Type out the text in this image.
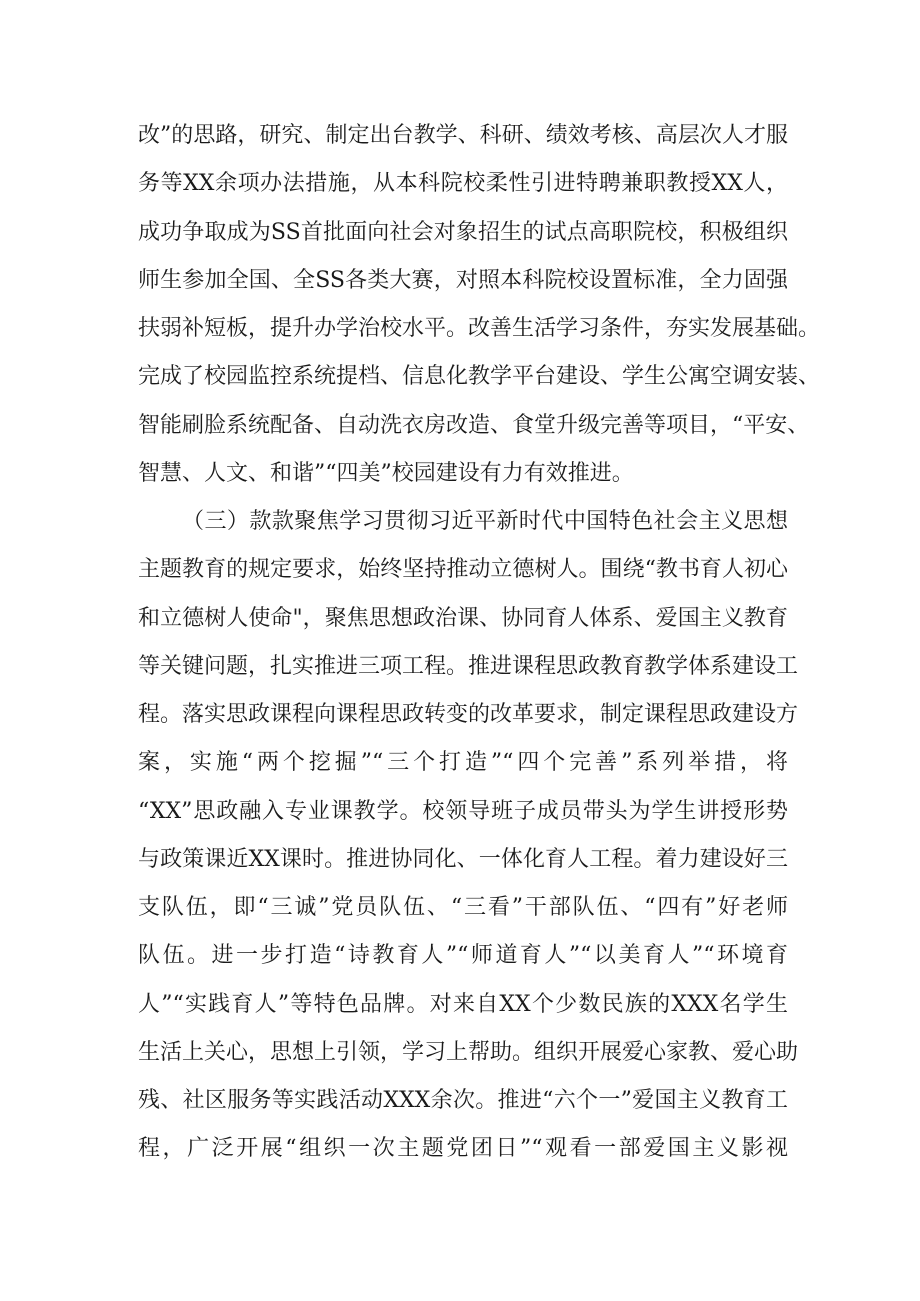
改”的思路，研究、制定出台教学、科研、绩效考核、高层次人才服
务等XX余项办法措施，从本科院校柔性引进特聘兼职教授XX人，
成功争取成为SS首批面向社会对象招生的试点高职院校，积极组织
师生参加全国、全SS各类大赛，对照本科院校设置标准，全力固强
扶弱补短板，提升办学治校水平。改善生活学习条件，夯实发展基础。
完成了校园监控系统提档、信息化教学平台建设、学生公寓空调安装、
智能刷脸系统配备、自动洗衣房改造、食堂升级完善等项目，“平安、
智慧、人文、和谐”“四美”校园建设有力有效推进。
（三）款款聚焦学习贯彻习近平新时代中国特色社会主义思想
主题教育的规定要求，始终坚持推动立德树人。围绕“教书育人初心
和立德树人使命"，聚焦思想政治课、协同育人体系、爱国主义教育
等关键问题，扎实推进三项工程。推进课程思政教育教学体系建设工
程。落实思政课程向课程思政转变的改革要求，制定课程思政建设方
案，实施“两个挖掘”“三个打造”“四个完善”系列举措，将
“XX”思政融入专业课教学。校领导班子成员带头为学生讲授形势
与政策课近XX课时。推进协同化、一体化育人工程。着力建设好三
支队伍，即“三诚”党员队伍、“三看”干部队伍、“四有”好老师
队伍。进一步打造“诗教育人”“师道育人”“以美育人”“环境育
人”“实践育人”等特色品牌。对来自XX个少数民族的XXX名学生
生活上关心，思想上引领，学习上帮助。组织开展爱心家教、爱心助
残、社区服务等实践活动XXX余次。推进“六个一”爱国主义教育工
程，广泛开展“组织一次主题党团日”“观看一部爱国主义影视
